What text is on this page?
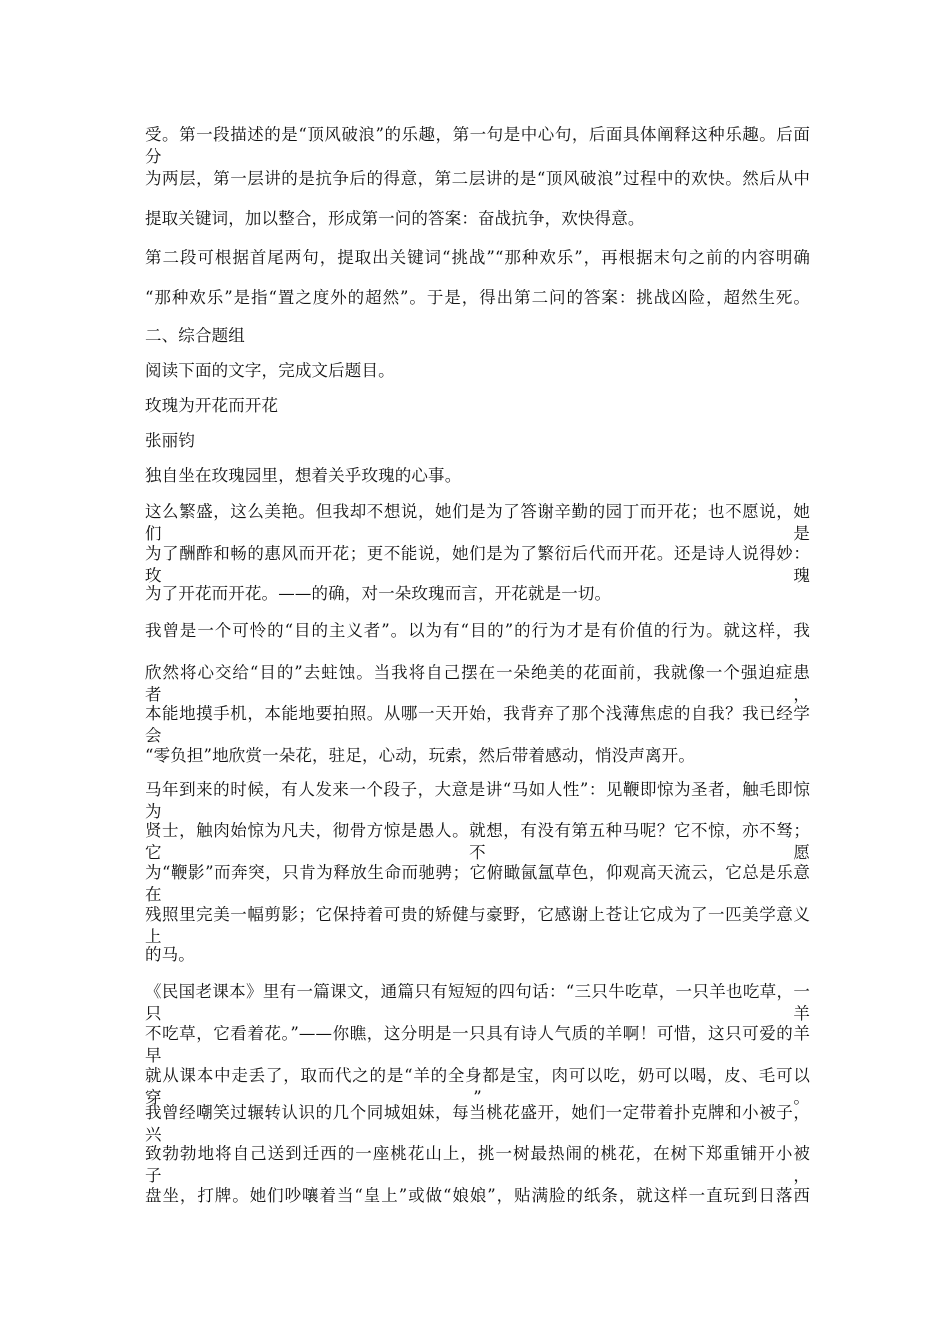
受。第一段描述的是“顶风破浪”的乐趣，第一句是中心句，后面具体阐释这种乐趣。后面分
为两层，第一层讲的是抗争后的得意，第二层讲的是“顶风破浪”过程中的欢快。然后从中
提取关键词，加以整合，形成第一问的答案：奋战抗争，欢快得意。
第二段可根据首尾两句，提取出关键词“挑战”“那种欢乐”，再根据末句之前的内容明确
“那种欢乐”是指“置之度外的超然”。于是，得出第二问的答案：挑战凶险，超然生死。
二、综合题组
阅读下面的文字，完成文后题目。
玫瑰为开花而开花
张丽钧
独自坐在玫瑰园里，想着关乎玫瑰的心事。
这么繁盛，这么美艳。但我却不想说，她们是为了答谢辛勤的园丁而开花；也不愿说，她们是
为了酬酢和畅的惠风而开花；更不能说，她们是为了繁衍后代而开花。还是诗人说得妙：玫瑰
为了开花而开花。——的确，对一朵玫瑰而言，开花就是一切。
我曾是一个可怜的“目的主义者”。以为有“目的”的行为才是有价值的行为。就这样，我
欣然将心交给“目的”去蛀蚀。当我将自己摆在一朵绝美的花面前，我就像一个强迫症患者，
本能地摸手机，本能地要拍照。从哪一天开始，我背弃了那个浅薄焦虑的自我？我已经学会
“零负担”地欣赏一朵花，驻足，心动，玩索，然后带着感动，悄没声离开。
马年到来的时候，有人发来一个段子，大意是讲“马如人性”：见鞭即惊为圣者，触毛即惊为
贤士，触肉始惊为凡夫，彻骨方惊是愚人。就想，有没有第五种马呢？它不惊，亦不驽；它不愿
为“鞭影”而奔突，只肯为释放生命而驰骋；它俯瞰氤氲草色，仰观高天流云，它总是乐意在
残照里完美一幅剪影；它保持着可贵的矫健与豪野，它感谢上苍让它成为了一匹美学意义上
的马。
《民国老课本》里有一篇课文，通篇只有短短的四句话：“三只牛吃草，一只羊也吃草，一只羊
不吃草，它看着花。”——你瞧，这分明是一只具有诗人气质的羊啊！可惜，这只可爱的羊早
就从课本中走丢了，取而代之的是“羊的全身都是宝，肉可以吃，奶可以喝，皮、毛可以穿”。
我曾经嘲笑过辗转认识的几个同城姐妹，每当桃花盛开，她们一定带着扑克牌和小被子，兴
致勃勃地将自己送到迁西的一座桃花山上，挑一树最热闹的桃花，在树下郑重铺开小被子，
盘坐，打牌。她们吵嚷着当“皇上”或做“娘娘”，贴满脸的纸条，就这样一直玩到日落西
